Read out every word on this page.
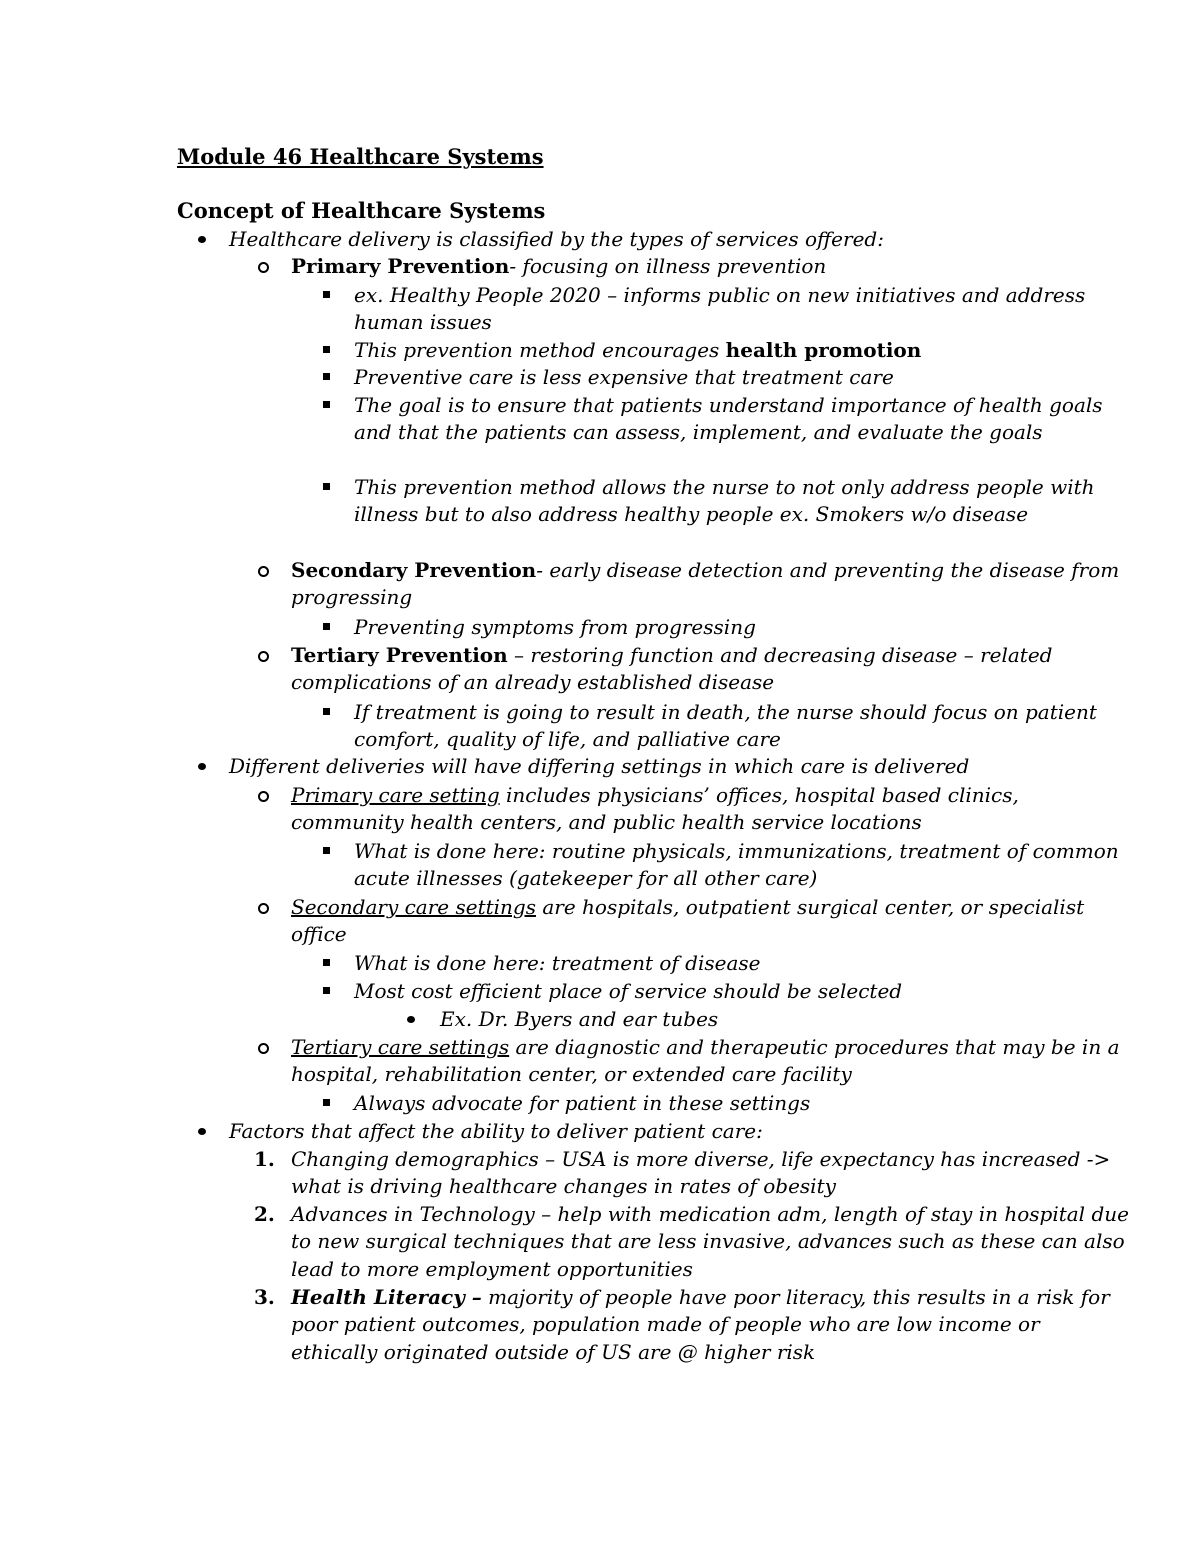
Module 46 Healthcare Systems
Concept of Healthcare Systems
Healthcare delivery is classified by the types of services offered:
Primary Prevention- focusing on illness prevention
ex. Healthy People 2020 – informs public on new initiatives and address human issues
This prevention method encourages health promotion
Preventive care is less expensive that treatment care
The goal is to ensure that patients understand importance of health goals and that the patients can assess, implement, and evaluate the goals
This prevention method allows the nurse to not only address people with illness but to also address healthy people ex. Smokers w/o disease
Secondary Prevention- early disease detection and preventing the disease from progressing
Preventing symptoms from progressing
Tertiary Prevention – restoring function and decreasing disease – related complications of an already established disease
If treatment is going to result in death, the nurse should focus on patient comfort, quality of life, and palliative care
Different deliveries will have differing settings in which care is delivered
Primary care setting includes physicians’ offices, hospital based clinics, community health centers, and public health service locations
What is done here: routine physicals, immunizations, treatment of common acute illnesses (gatekeeper for all other care)
Secondary care settings are hospitals, outpatient surgical center, or specialist office
What is done here: treatment of disease
Most cost efficient place of service should be selected
Ex. Dr. Byers and ear tubes
Tertiary care settings are diagnostic and therapeutic procedures that may be in a hospital, rehabilitation center, or extended care facility
Always advocate for patient in these settings
Factors that affect the ability to deliver patient care:
1. Changing demographics – USA is more diverse, life expectancy has increased -> what is driving healthcare changes in rates of obesity
2. Advances in Technology – help with medication adm, length of stay in hospital due to new surgical techniques that are less invasive, advances such as these can also lead to more employment opportunities
3. Health Literacy – majority of people have poor literacy, this results in a risk for poor patient outcomes, population made of people who are low income or ethically originated outside of US are @ higher risk
